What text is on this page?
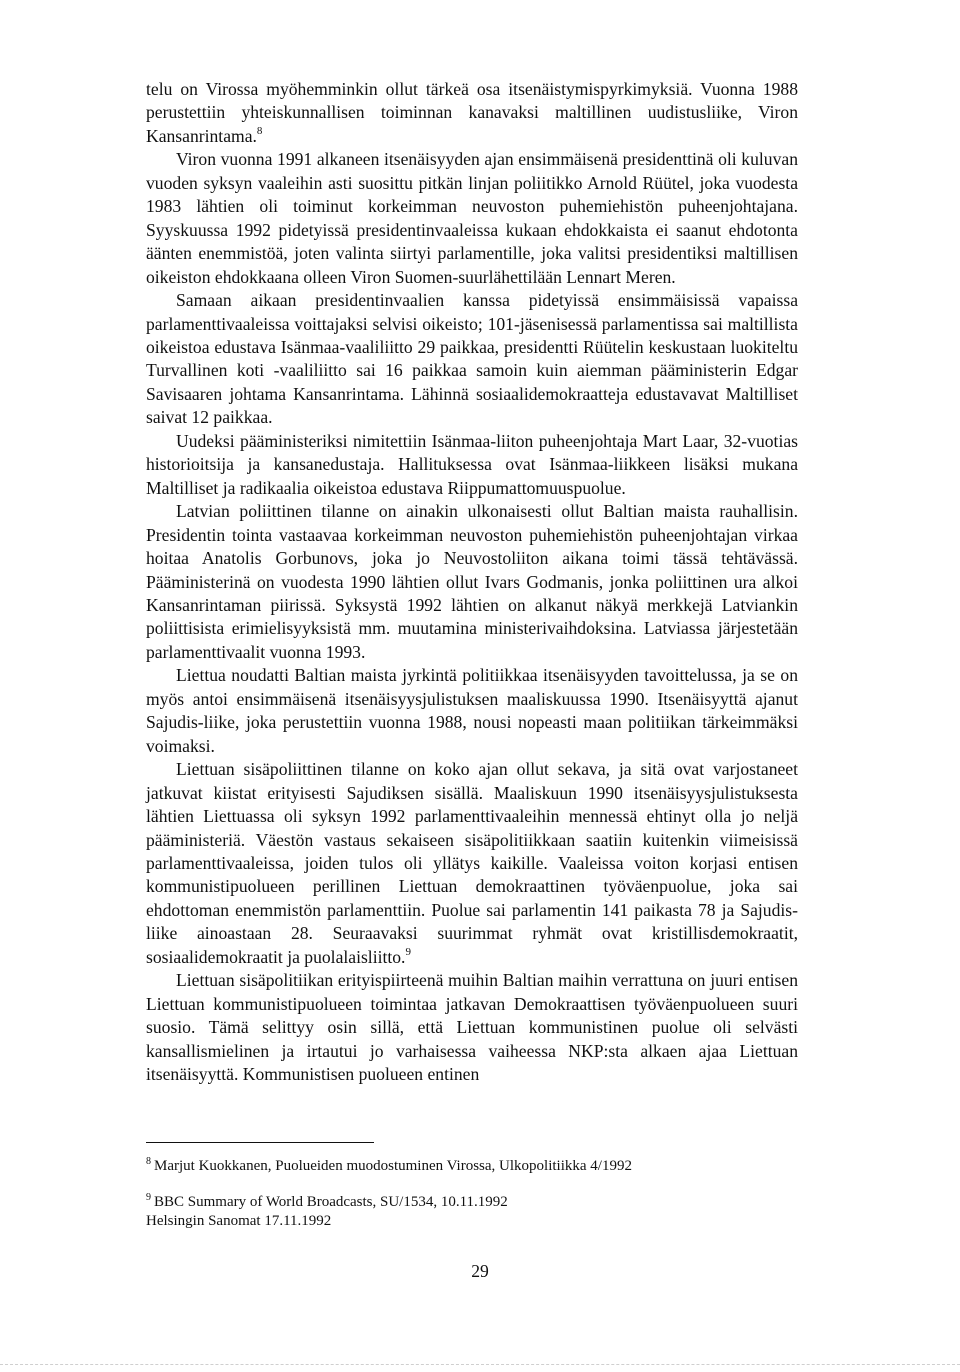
telu on Virossa myöhemminkin ollut tärkeä osa itsenäistymispyrkimyksiä. Vuonna 1988 perustettiin yhteiskunnallisen toiminnan kanavaksi maltillinen uudistusliike, Viron Kansanrintama.$^8$

Viron vuonna 1991 alkaneen itsenäisyyden ajan ensimmäisenä presidenttinä oli kuluvan vuoden syksyn vaaleihin asti suosittu pitkän linjan poliitikko Arnold Rüütel, joka vuodesta 1983 lähtien oli toiminut korkeimman neuvoston puhemiehistön puheenjohtajana. Syyskuussa 1992 pidetyissä presidentinvaaleissa kukaan ehdokkaista ei saanut ehdotonta äänten enemmistöä, joten valinta siirtyi parlamentille, joka valitsi presidentiksi maltillisen oikeiston ehdokkaana olleen Viron Suomen-suurlähettilään Lennart Meren.

Samaan aikaan presidentinvaalien kanssa pidetyissä ensimmäisissä vapaissa parlamenttivaaleissa voittajaksi selvisi oikeisto; 101-jäsenisessä parlamentissa sai maltillista oikeistoa edustava Isänmaa-vaaliliitto 29 paikkaa, presidentti Rüütelin keskustaan luokiteltu Turvallinen koti -vaaliliitto sai 16 paikkaa samoin kuin aiemman pääministerin Edgar Savisaaren johtama Kansanrintama. Lähinnä sosiaalidemokraatteja edustavavat Maltilliset saivat 12 paikkaa.

Uudeksi pääministeriksi nimitettiin Isänmaa-liiton puheenjohtaja Mart Laar, 32-vuotias historioitsija ja kansanedustaja. Hallituksessa ovat Isänmaa-liikkeen lisäksi mukana Maltilliset ja radikaalia oikeistoa edustava Riippumattomuuspuolue.

Latvian poliittinen tilanne on ainakin ulkonaisesti ollut Baltian maista rauhallisin. Presidentin tointa vastaavaa korkeimman neuvoston puhemiehistön puheenjohtajan virkaa hoitaa Anatolis Gorbunovs, joka jo Neuvostoliiton aikana toimi tässä tehtävässä. Pääministerinä on vuodesta 1990 lähtien ollut Ivars Godmanis, jonka poliittinen ura alkoi Kansanrintaman piirissä. Syksystä 1992 lähtien on alkanut näkyä merkkejä Latviankin poliittisista erimielisyyksistä mm. muutamina ministerivaihdoksina. Latviassa järjestetään parlamenttivaalit vuonna 1993.

Liettua noudatti Baltian maista jyrkintä politiikkaa itsenäisyyden tavoittelussa, ja se on myös antoi ensimmäisenä itsenäisyysjulistuksen maaliskuussa 1990. Itsenäisyyttä ajanut Sajudis-liike, joka perustettiin vuonna 1988, nousi nopeasti maan politiikan tärkeimmäksi voimaksi.

Liettuan sisäpoliittinen tilanne on koko ajan ollut sekava, ja sitä ovat varjostaneet jatkuvat kiistat erityisesti Sajudiksen sisällä. Maaliskuun 1990 itsenäisyysjulistuksesta lähtien Liettuassa oli syksyn 1992 parlamenttivaaleihin mennessä ehtinyt olla jo neljä pääministeriä. Väestön vastaus sekaiseen sisäpolitiikkaan saatiin kuitenkin viimeisissä parlamenttivaaleissa, joiden tulos oli yllätys kaikille. Vaaleissa voiton korjasi entisen kommunistipuolueen perillinen Liettuan demokraattinen työväenpuolue, joka sai ehdottoman enemmistön parlamenttiin. Puolue sai parlamentin 141 paikasta 78 ja Sajudis-liike ainoastaan 28. Seuraavaksi suurimmat ryhmät ovat kristillisdemokraatit, sosiaalidemokraatit ja puolalaisliitto.$^9$

Liettuan sisäpolitiikan erityispiirteenä muihin Baltian maihin verrattuna on juuri entisen Liettuan kommunistipuolueen toimintaa jatkavan Demokraattisen työväenpuolueen suuri suosio. Tämä selittyy osin sillä, että Liettuan kommunistinen puolue oli selvästi kansallismielinen ja irtautui jo varhaisessa vaiheessa NKP:sta alkaen ajaa Liettuan itsenäisyyttä. Kommunistisen puolueen entinen

$^8$ Marjut Kuokkanen, Puolueiden muodostuminen Virossa, Ulkopolitiikka 4/1992
$^9$ BBC Summary of World Broadcasts, SU/1534, 10.11.1992
Helsingin Sanomat 17.11.1992
29
